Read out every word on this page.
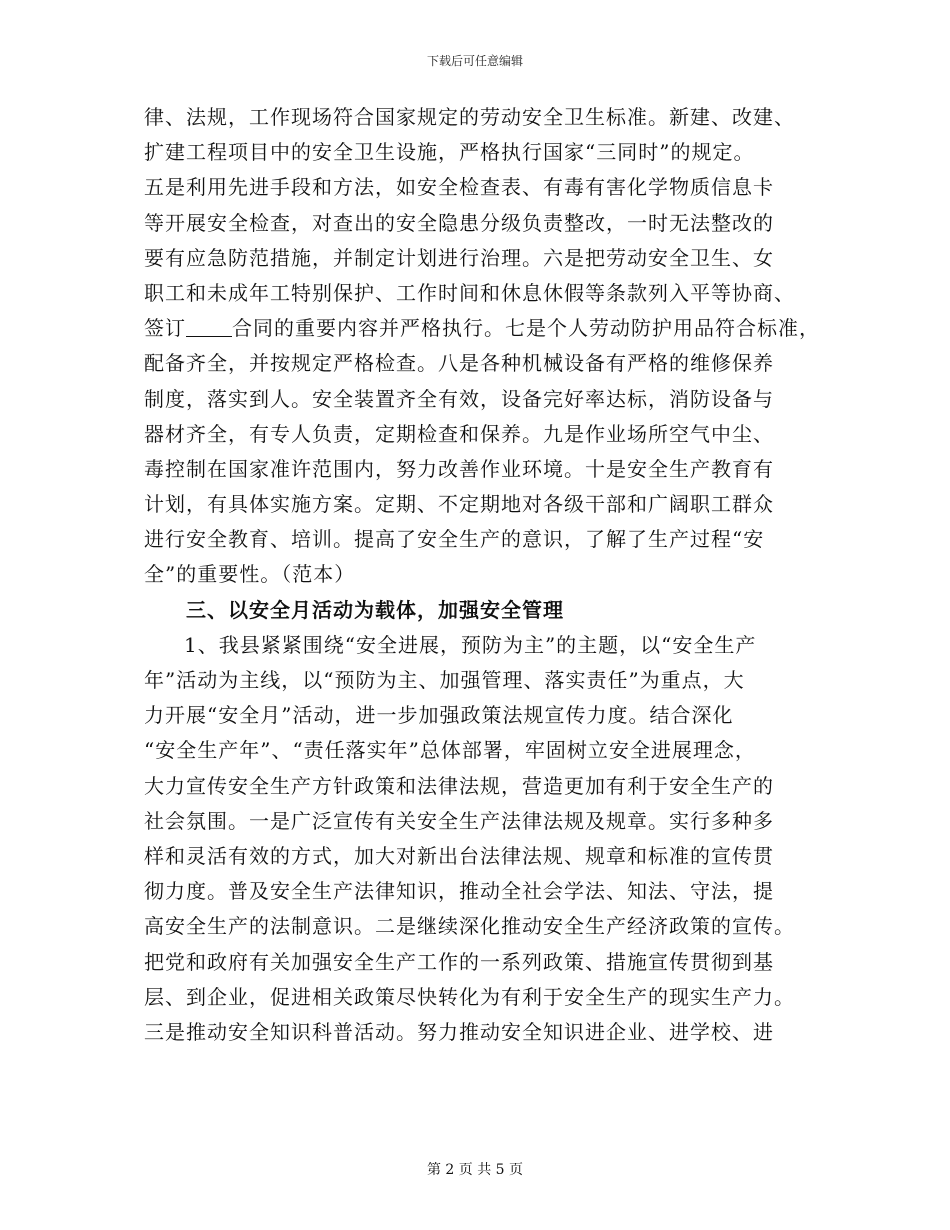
下载后可任意编辑
律、法规，工作现场符合国家规定的劳动安全卫生标准。新建、改建、
扩建工程项目中的安全卫生设施，严格执行国家“三同时”的规定。
五是利用先进手段和方法，如安全检查表、有毒有害化学物质信息卡
等开展安全检查，对查出的安全隐患分级负责整改，一时无法整改的
要有应急防范措施，并制定计划进行治理。六是把劳动安全卫生、女
职工和未成年工特别保护、工作时间和休息休假等条款列入平等协商、
签订 合同的重要内容并严格执行。七是个人劳动防护用品符合标准，
配备齐全，并按规定严格检查。八是各种机械设备有严格的维修保养
制度，落实到人。安全装置齐全有效，设备完好率达标，消防设备与
器材齐全，有专人负责，定期检查和保养。九是作业场所空气中尘、
毒控制在国家准许范围内，努力改善作业环境。十是安全生产教育有
计划，有具体实施方案。定期、不定期地对各级干部和广阔职工群众
进行安全教育、培训。提高了安全生产的意识，了解了生产过程“安
全”的重要性。（范本）
三、以安全月活动为载体，加强安全管理
1、我县紧紧围绕“安全进展，预防为主”的主题，以“安全生产
年”活动为主线，以“预防为主、加强管理、落实责任”为重点，大
力开展“安全月”活动，进一步加强政策法规宣传力度。结合深化
“安全生产年”、“责任落实年”总体部署，牢固树立安全进展理念，
大力宣传安全生产方针政策和法律法规，营造更加有利于安全生产的
社会氛围。一是广泛宣传有关安全生产法律法规及规章。实行多种多
样和灵活有效的方式，加大对新出台法律法规、规章和标准的宣传贯
彻力度。普及安全生产法律知识，推动全社会学法、知法、守法，提
高安全生产的法制意识。二是继续深化推动安全生产经济政策的宣传。
把党和政府有关加强安全生产工作的一系列政策、措施宣传贯彻到基
层、到企业，促进相关政策尽快转化为有利于安全生产的现实生产力。
三是推动安全知识科普活动。努力推动安全知识进企业、进学校、进
第 2 页 共 5 页
